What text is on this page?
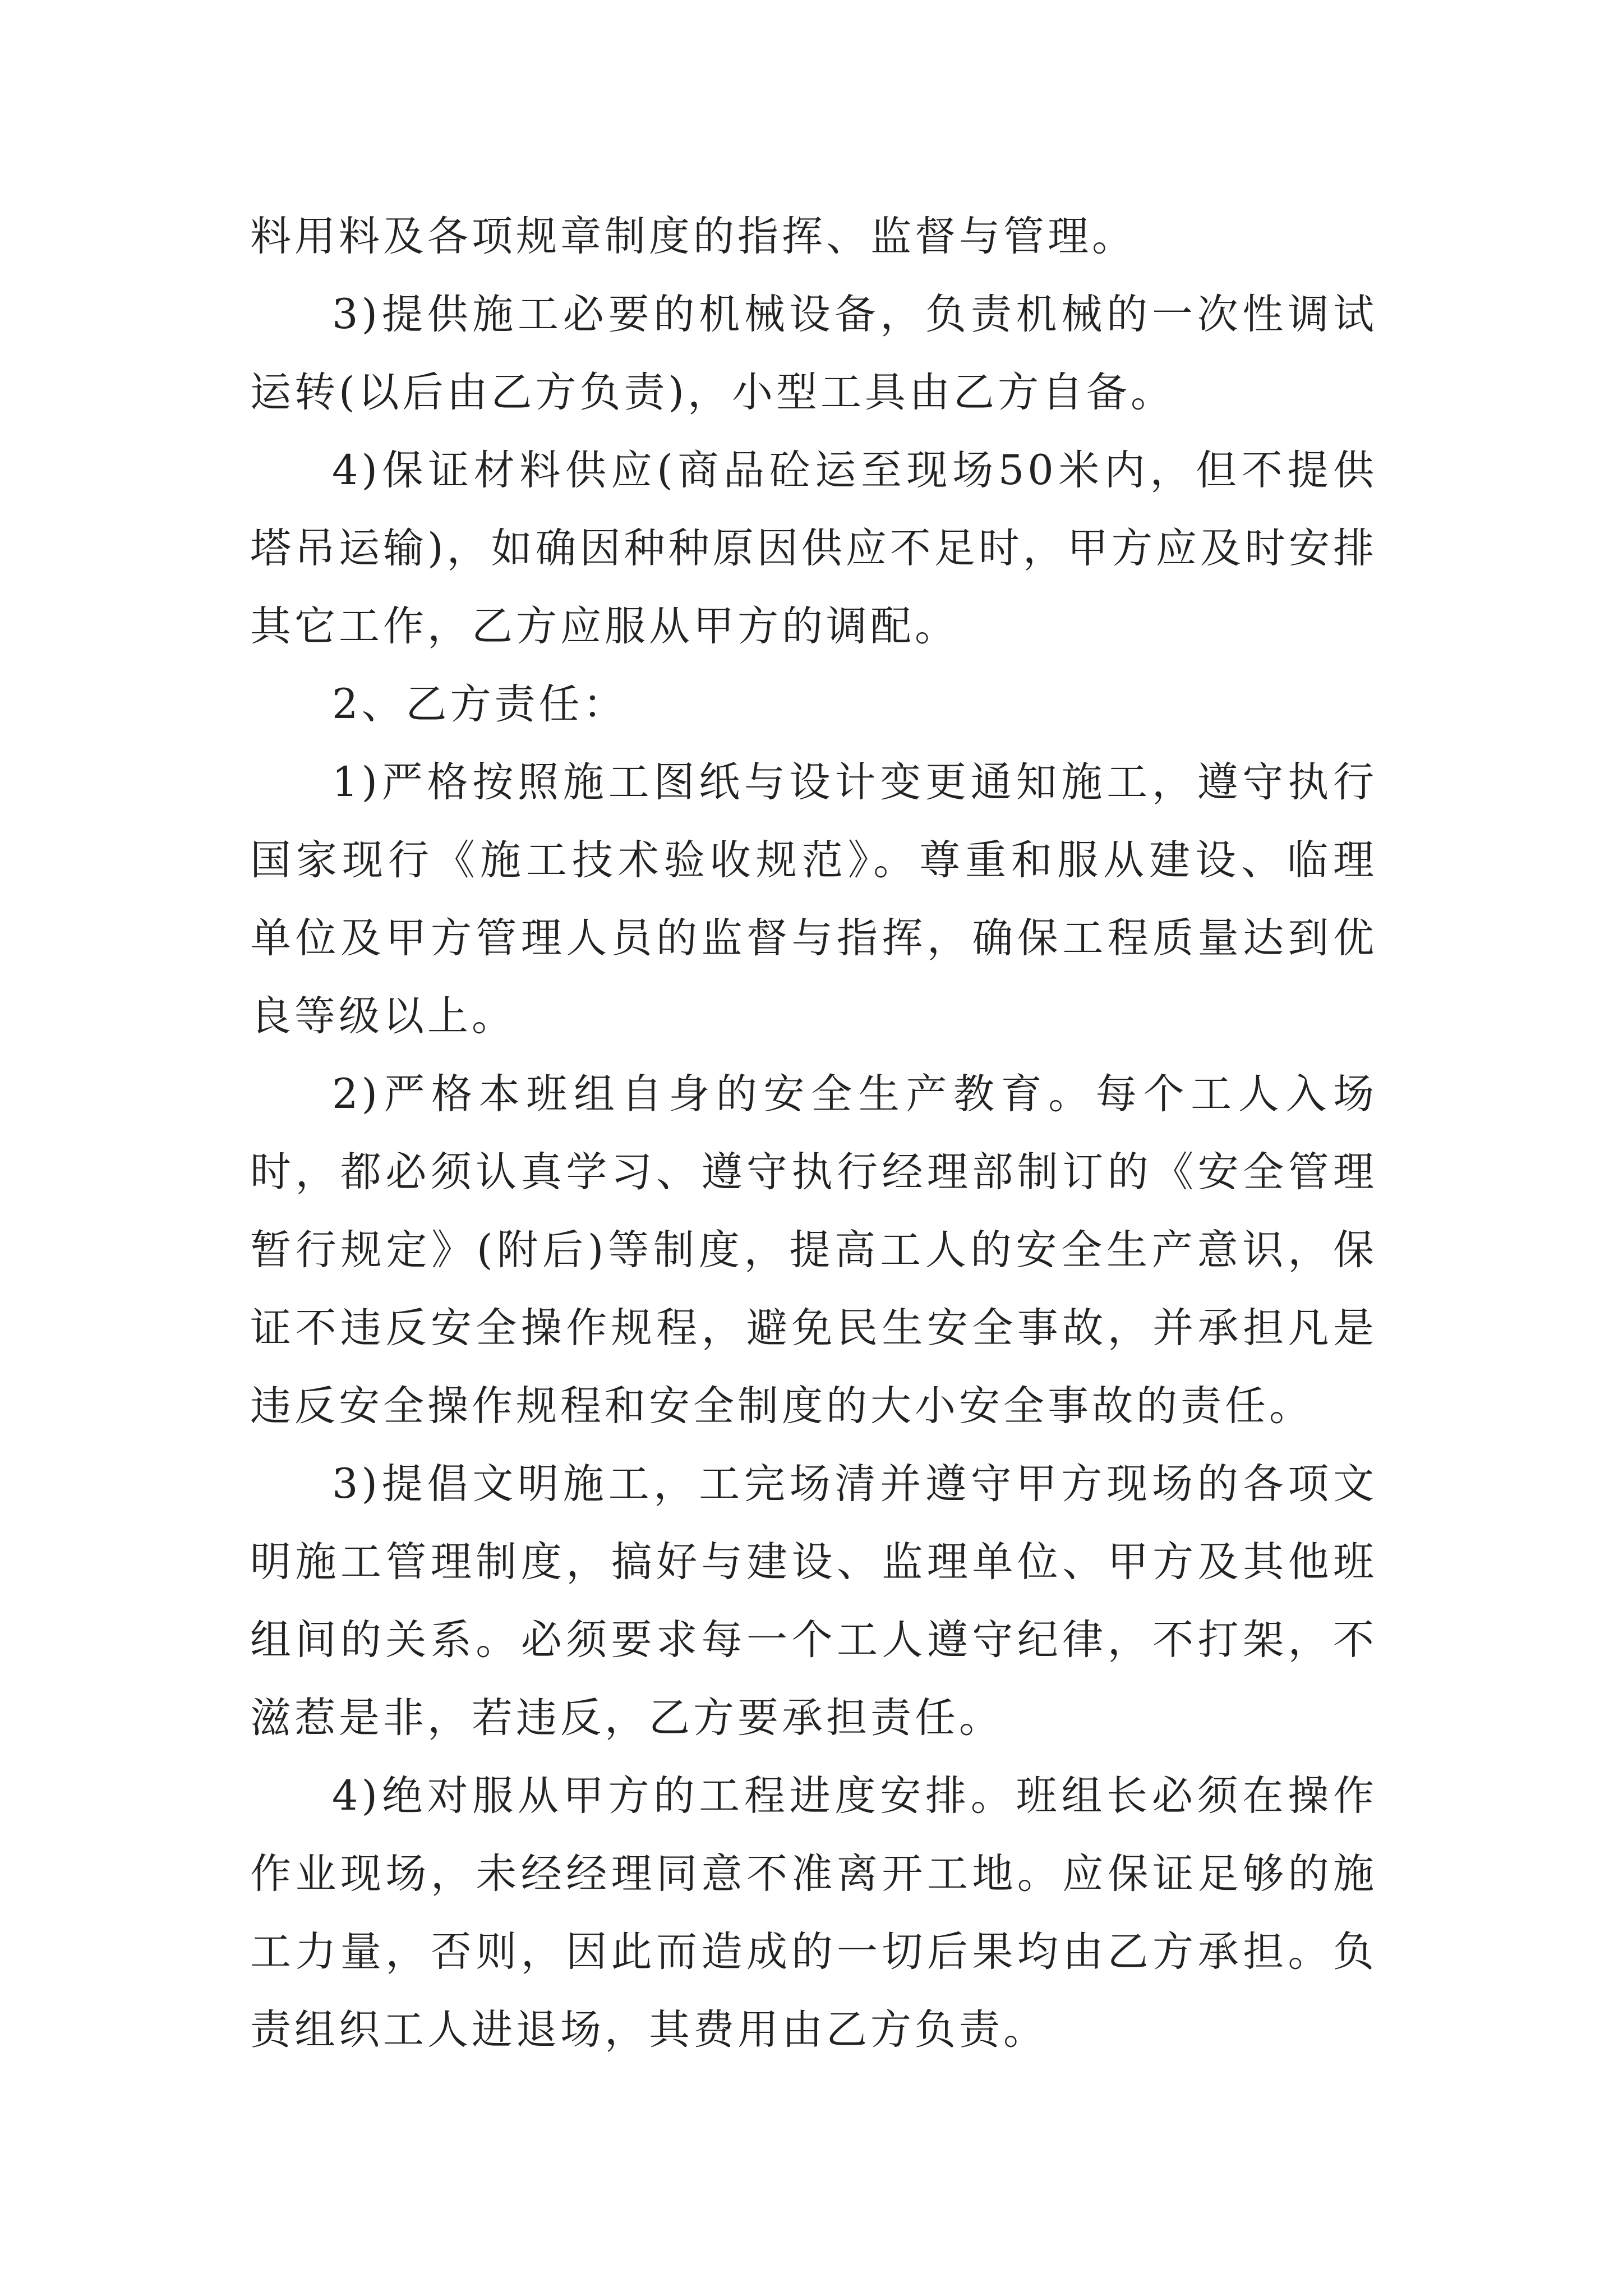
料用料及各项规章制度的指挥、监督与管理。

3)提供施工必要的机械设备，负责机械的一次性调试运转(以后由乙方负责)，小型工具由乙方自备。

4)保证材料供应(商品砼运至现场50米内，但不提供塔吊运输)，如确因种种原因供应不足时，甲方应及时安排其它工作，乙方应服从甲方的调配。

2、乙方责任：

1)严格按照施工图纸与设计变更通知施工，遵守执行国家现行《施工技术验收规范》。尊重和服从建设、临理单位及甲方管理人员的监督与指挥，确保工程质量达到优良等级以上。

2)严格本班组自身的安全生产教育。每个工人入场时，都必须认真学习、遵守执行经理部制订的《安全管理暂行规定》(附后)等制度，提高工人的安全生产意识，保证不违反安全操作规程，避免民生安全事故，并承担凡是违反安全操作规程和安全制度的大小安全事故的责任。

3)提倡文明施工，工完场清并遵守甲方现场的各项文明施工管理制度，搞好与建设、监理单位、甲方及其他班组间的关系。必须要求每一个工人遵守纪律，不打架，不滋惹是非，若违反，乙方要承担责任。

4)绝对服从甲方的工程进度安排。班组长必须在操作作业现场，未经经理同意不准离开工地。应保证足够的施工力量，否则，因此而造成的一切后果均由乙方承担。负责组织工人进退场，其费用由乙方负责。
